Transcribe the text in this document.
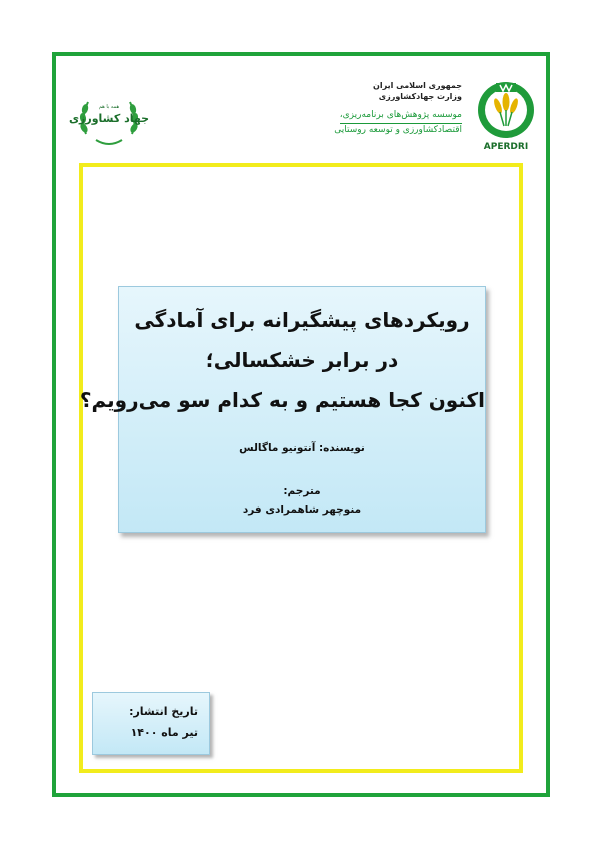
جهاد کشاورزی
همه با هم
جمهوری اسلامی ایران
وزارت جهادکشاورزی
موسسه پژوهش‌های برنامه‌ریزی،
اقتصادکشاورزی و توسعه روستایی
APERDRI
رویکردهای پیشگیرانه برای آمادگی
در برابر خشکسالی؛
اکنون کجا هستیم و به کدام سو می‌رویم؟
نویسنده: آنتونیو ماگالس
مترجم:
منوچهر شاهمرادی فرد
تاریخ انتشار:
تیر ماه ۱۴۰۰
